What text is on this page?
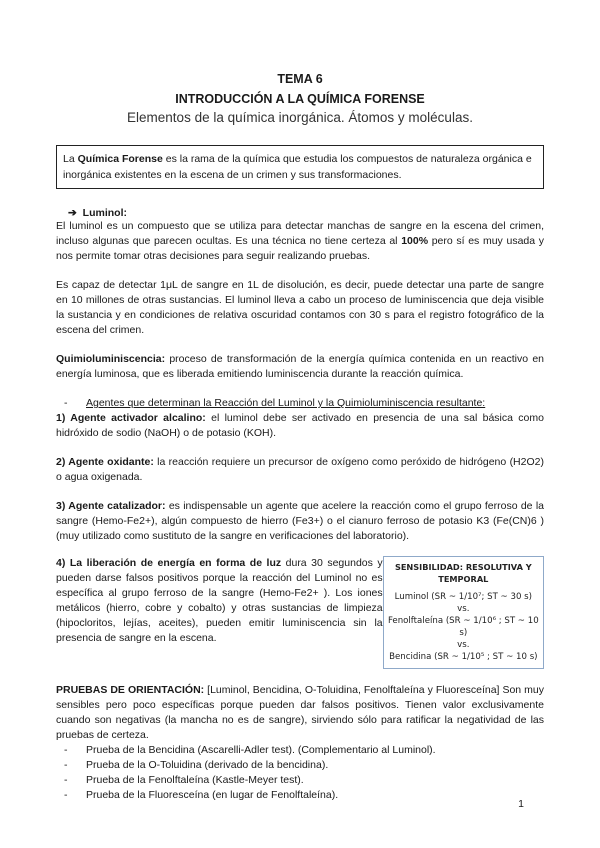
TEMA 6
INTRODUCCIÓN A LA QUÍMICA FORENSE
Elementos de la química inorgánica. Átomos y moléculas.
La Química Forense es la rama de la química que estudia los compuestos de naturaleza orgánica e inorgánica existentes en la escena de un crimen y sus transformaciones.
➔ Luminol:

El luminol es un compuesto que se utiliza para detectar manchas de sangre en la escena del crimen, incluso algunas que parecen ocultas. Es una técnica no tiene certeza al 100% pero sí es muy usada y nos permite tomar otras decisiones para seguir realizando pruebas.

Es capaz de detectar 1μL de sangre en 1L de disolución, es decir, puede detectar una parte de sangre en 10 millones de otras sustancias. El luminol lleva a cabo un proceso de luminiscencia que deja visible la sustancia y en condiciones de relativa oscuridad contamos con 30 s para el registro fotográfico de la escena del crimen.

Quimioluminiscencia: proceso de transformación de la energía química contenida en un reactivo en energía luminosa, que es liberada emitiendo luminiscencia durante la reacción química.

-	Agentes que determinan la Reacción del Luminol y la Quimioluminiscencia resultante:

1) Agente activador alcalino: el luminol debe ser activado en presencia de una sal básica como hidróxido de sodio (NaOH) o de potasio (KOH).

2) Agente oxidante: la reacción requiere un precursor de oxígeno como peróxido de hidrógeno (H2O2) o agua oxigenada.

3) Agente catalizador: es indispensable un agente que acelere la reacción como el grupo ferroso de la sangre (Hemo-Fe2+), algún compuesto de hierro (Fe3+) o el cianuro ferroso de potasio K3 (Fe(CN)6 ) (muy utilizado como sustituto de la sangre en verificaciones del laboratorio).

4) La liberación de energía en forma de luz dura 30 segundos y pueden darse falsos positivos porque la reacción del Luminol no es específica al grupo ferroso de la sangre (Hemo-Fe2+ ). Los iones metálicos (hierro, cobre y cobalto) y otras sustancias de limpieza (hipocloritos, lejías, aceites), pueden emitir luminiscencia sin la presencia de sangre en la escena.

SENSIBILIDAD: RESOLUTIVA Y TEMPORAL
Luminol (SR ~ 1/10⁷; ST ~ 30 s)
vs.
Fenolftaleína (SR ~ 1/10⁶ ; ST ~ 10 s)
vs.
Bencidina (SR ~ 1/10⁵ ; ST ~ 10 s)

PRUEBAS DE ORIENTACIÓN: [Luminol, Bencidina, O-Toluidina, Fenolftaleína y Fluoresceína] Son muy sensibles pero poco específicas porque pueden dar falsos positivos. Tienen valor exclusivamente cuando son negativas (la mancha no es de sangre), sirviendo sólo para ratificar la negatividad de las pruebas de certeza.

-	Prueba de la Bencidina (Ascarelli-Adler test). (Complementario al Luminol).
-	Prueba de la O-Toluidina (derivado de la bencidina).
-	Prueba de la Fenolftaleína (Kastle-Meyer test).
-	Prueba de la Fluoresceína (en lugar de Fenolftaleína).
1
